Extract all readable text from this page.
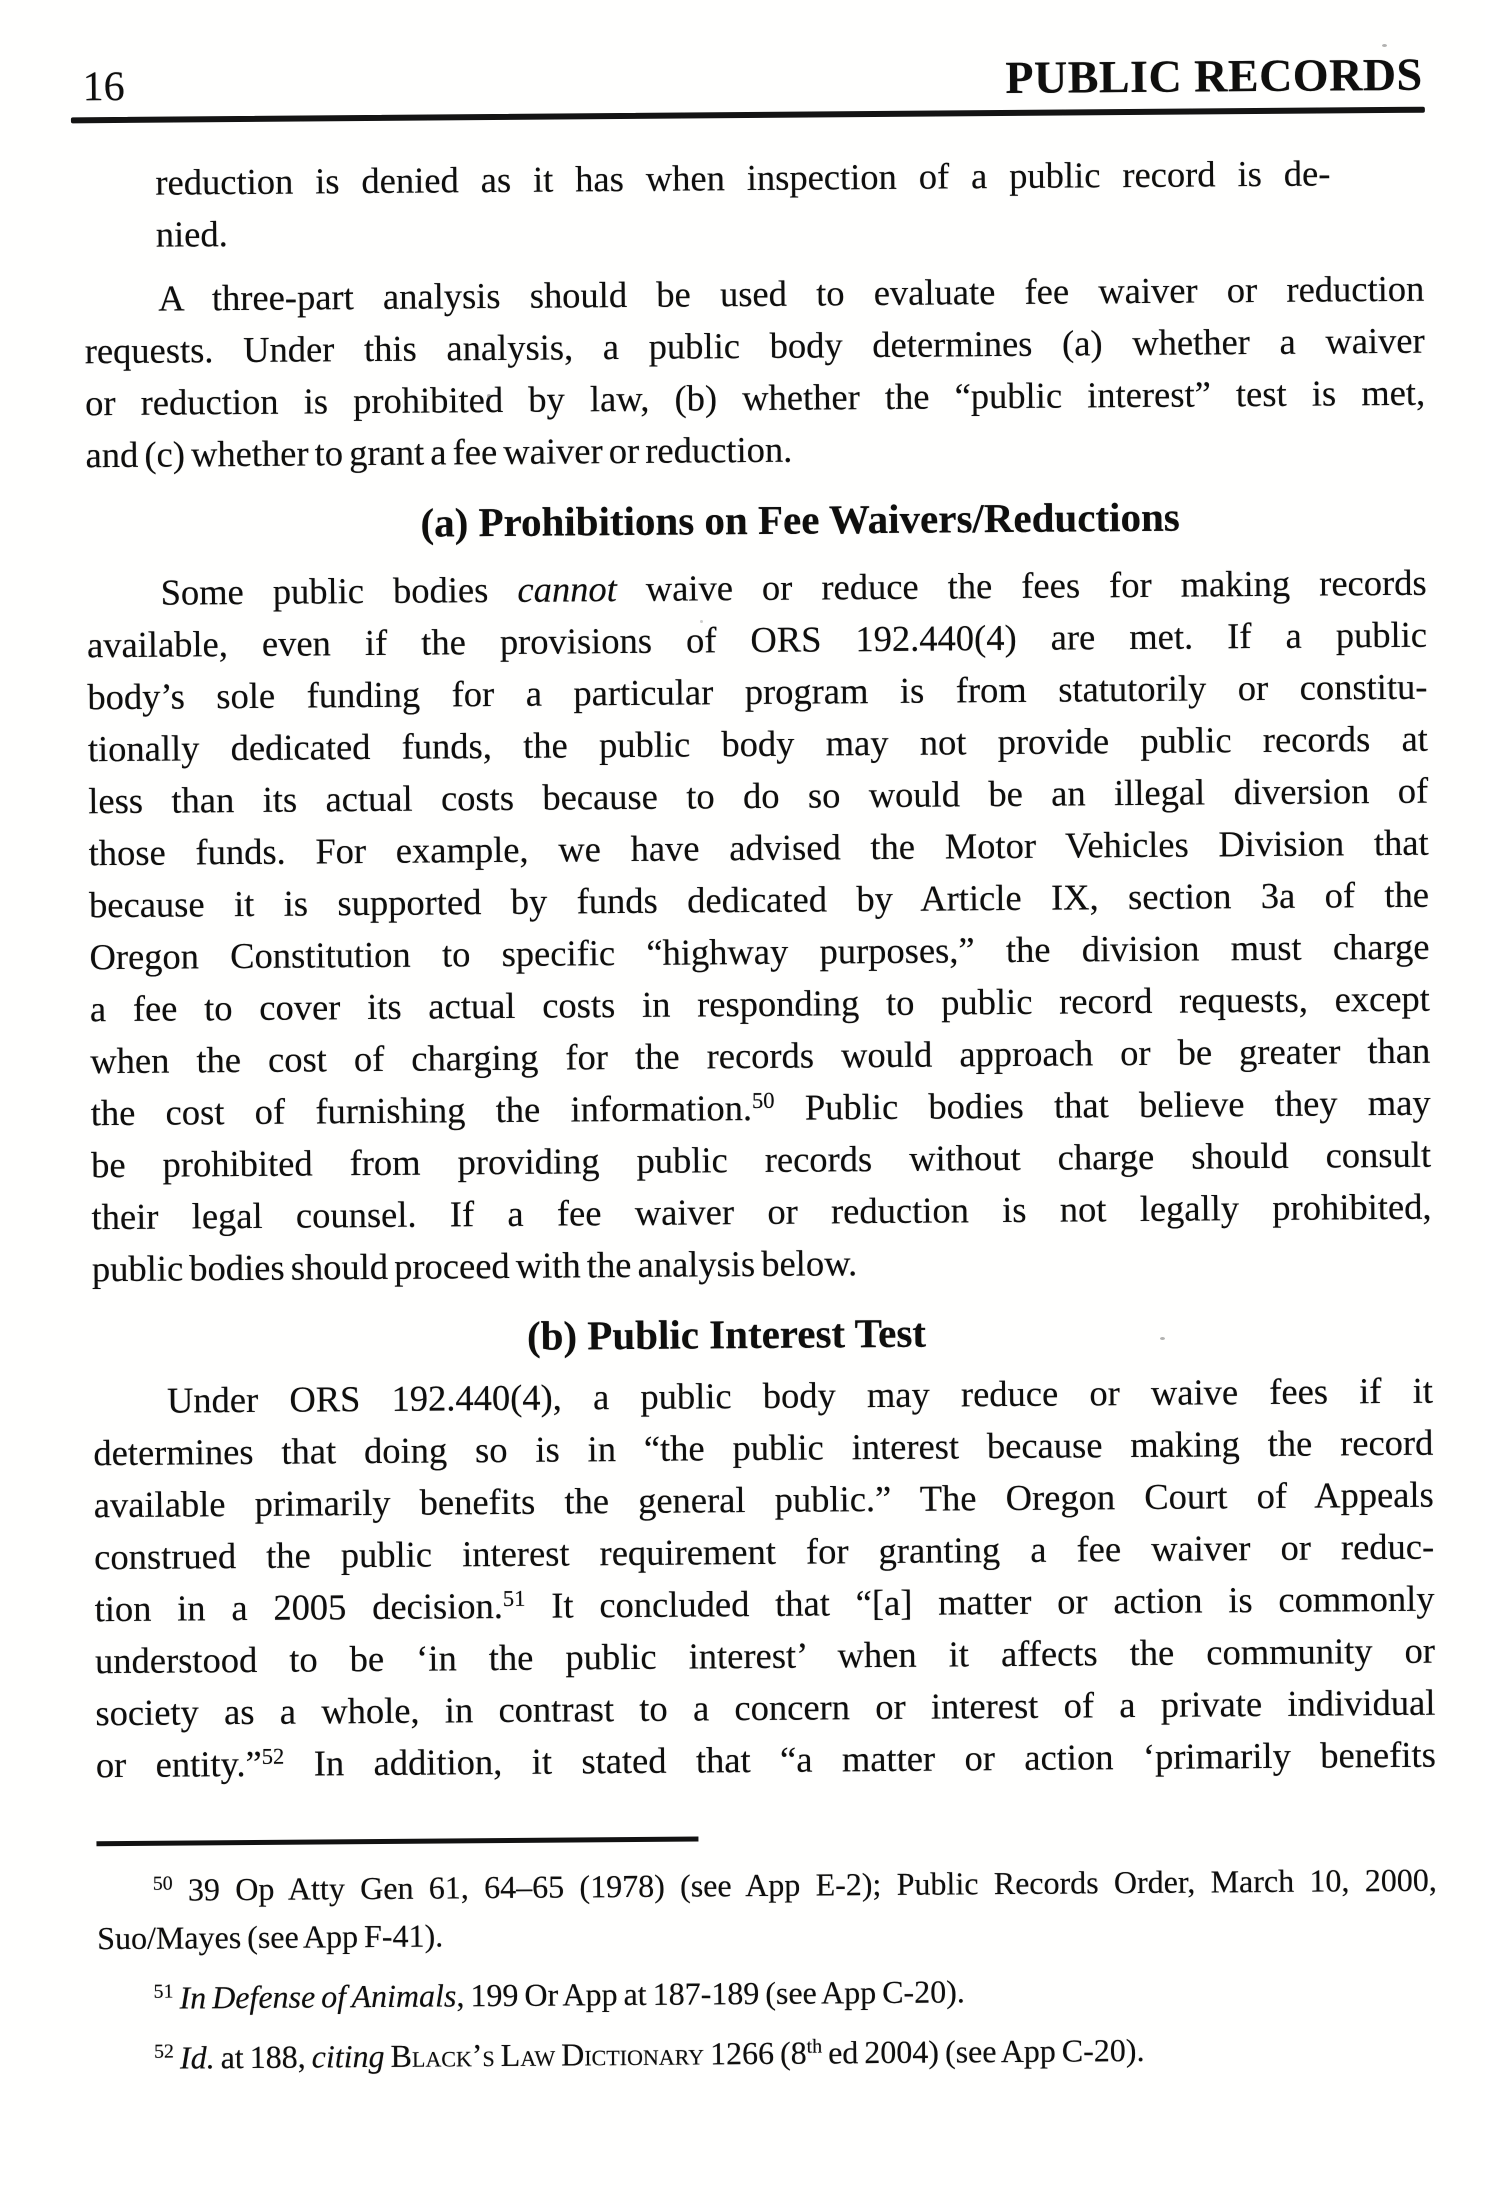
16	PUBLIC RECORDS
reduction is denied as it has when inspection of a public record is de-
nied.
A three-part analysis should be used to evaluate fee waiver or reduction
requests. Under this analysis, a public body determines (a) whether a waiver
or reduction is prohibited by law, (b) whether the “public interest” test is met,
and (c) whether to grant a fee waiver or reduction.

(a) Prohibitions on Fee Waivers/Reductions

Some public bodies cannot waive or reduce the fees for making records
available, even if the provisions of ORS 192.440(4) are met. If a public
body’s sole funding for a particular program is from statutorily or constitu-
tionally dedicated funds, the public body may not provide public records at
less than its actual costs because to do so would be an illegal diversion of
those funds. For example, we have advised the Motor Vehicles Division that
because it is supported by funds dedicated by Article IX, section 3a of the
Oregon Constitution to specific “highway purposes,” the division must charge
a fee to cover its actual costs in responding to public record requests, except
when the cost of charging for the records would approach or be greater than
the cost of furnishing the information.$^{50}$ Public bodies that believe they may
be prohibited from providing public records without charge should consult
their legal counsel. If a fee waiver or reduction is not legally prohibited,
public bodies should proceed with the analysis below.

(b) Public Interest Test

Under ORS 192.440(4), a public body may reduce or waive fees if it
determines that doing so is in “the public interest because making the record
available primarily benefits the general public.” The Oregon Court of Appeals
construed the public interest requirement for granting a fee waiver or reduc-
tion in a 2005 decision.$^{51}$ It concluded that “[a] matter or action is commonly
understood to be ‘in the public interest’ when it affects the community or
society as a whole, in contrast to a concern or interest of a private individual
or entity.”$^{52}$ In addition, it stated that “a matter or action ‘primarily benefits
$^{50}$ 39 Op Atty Gen 61, 64–65 (1978) (see App E-2); Public Records Order, March 10, 2000,
Suo/Mayes (see App F-41).
$^{51}$ In Defense of Animals, 199 Or App at 187-189 (see App C-20).
$^{52}$ Id. at 188, citing Black’s Law Dictionary 1266 (8th ed 2004) (see App C-20).
